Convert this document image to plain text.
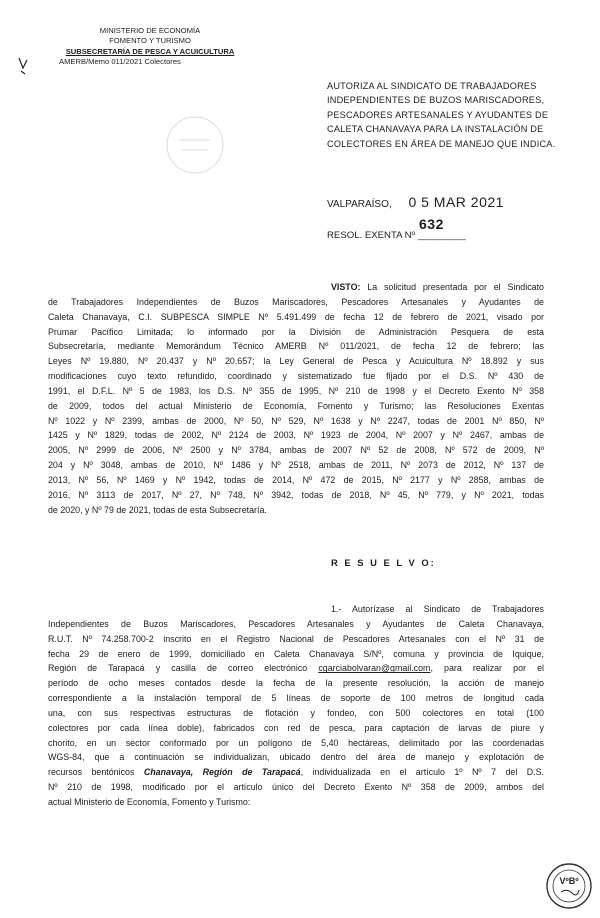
MINISTERIO DE ECONOMÍA
FOMENTO Y TURISMO
SUBSECRETARÍA DE PESCA Y ACUICULTURA
AMERB/Memo 011/2021 Colectores
AUTORIZA AL SINDICATO DE TRABAJADORES
INDEPENDIENTES DE BUZOS MARISCADORES,
PESCADORES ARTESANALES Y AYUDANTES DE
CALETA CHANAVAYA PARA LA INSTALACIÓN DE
COLECTORES EN ÁREA DE MANEJO QUE INDICA.
VALPARAÍSO, 0 5 MAR 2021
RESOL. EXENTA Nº _________
632
VISTO: La solicitud presentada por el Sindicato
de Trabajadores Independientes de Buzos Mariscadores, Pescadores Artesanales y Ayudantes de
Caleta Chanavaya, C.I. SUBPESCA SIMPLE Nº 5.491.499 de fecha 12 de febrero de 2021, visado por
Prumar Pacífico Limitada; lo informado por la División de Administración Pesquera de esta
Subsecretaría, mediante Memorándum Técnico AMERB Nº 011/2021, de fecha 12 de febrero; las
Leyes Nº 19.880, Nº 20.437 y Nº 20.657; la Ley General de Pesca y Acuicultura Nº 18.892 y sus
modificaciones cuyo texto refundido, coordinado y sistematizado fue fijado por el D.S. Nº 430 de
1991, el D.F.L. Nº 5 de 1983, los D.S. Nº 355 de 1995, Nº 210 de 1998 y el Decreto Exento Nº 358
de 2009, todos del actual Ministerio de Economía, Fomento y Turismo; las Resoluciones Exentas
Nº 1022 y Nº 2399, ambas de 2000, Nº 50, Nº 529, Nº 1638 y Nº 2247, todas de 2001 Nº 850, Nº
1425 y Nº 1829, todas de 2002, Nº 2124 de 2003, Nº 1923 de 2004, Nº 2007 y Nº 2467, ambas de
2005, Nº 2999 de 2006, Nº 2500 y Nº 3784, ambas de 2007 Nº 52 de 2008, Nº 572 de 2009, Nº
204 y Nº 3048, ambas de 2010, Nº 1486 y Nº 2518, ambas de 2011, Nº 2073 de 2012, Nº 137 de
2013, Nº 56, Nº 1469 y Nº 1942, todas de 2014, Nº 472 de 2015, Nº 2177 y Nº 2858, ambas de
2016, Nº 3113 de 2017, Nº 27, Nº 748, Nº 3942, todas de 2018, Nº 45, Nº 779, y Nº 2021, todas
de 2020, y Nº 79 de 2021, todas de esta Subsecretaría.
R E S U E L V O:
1.- Autorízase al Sindicato de Trabajadores
Independientes de Buzos Mariscadores, Pescadores Artesanales y Ayudantes de Caleta Chanavaya,
R.U.T. Nº 74.258.700-2 inscrito en el Registro Nacional de Pescadores Artesanales con el Nº 31 de
fecha 29 de enero de 1999, domiciliado en Caleta Chanavaya S/Nº, comuna y provincia de Iquique,
Región de Tarapacá y casilla de correo electrónico cgarciabolvaran@gmail.com, para realizar por el
período de ocho meses contados desde la fecha de la presente resolución, la acción de manejo
correspondiente a la instalación temporal de 5 líneas de soporte de 100 metros de longitud cada
una, con sus respectivas estructuras de flotación y fondeo, con 500 colectores en total (100
colectores por cada línea doble), fabricados con red de pesca, para captación de larvas de piure y
chorito, en un sector conformado por un polígono de 5,40 hectáreas, delimitado por las coordenadas
WGS-84, que a continuación se individualizan, ubicado dentro del área de manejo y explotación de
recursos bentónicos Chanavaya, Región de Tarapacá, individualizada en el artículo 1º Nº 7 del D.S.
Nº 210 de 1998, modificado por el artículo único del Decreto Exento Nº 358 de 2009, ambos del
actual Ministerio de Economía, Fomento y Turismo:
VºBº
